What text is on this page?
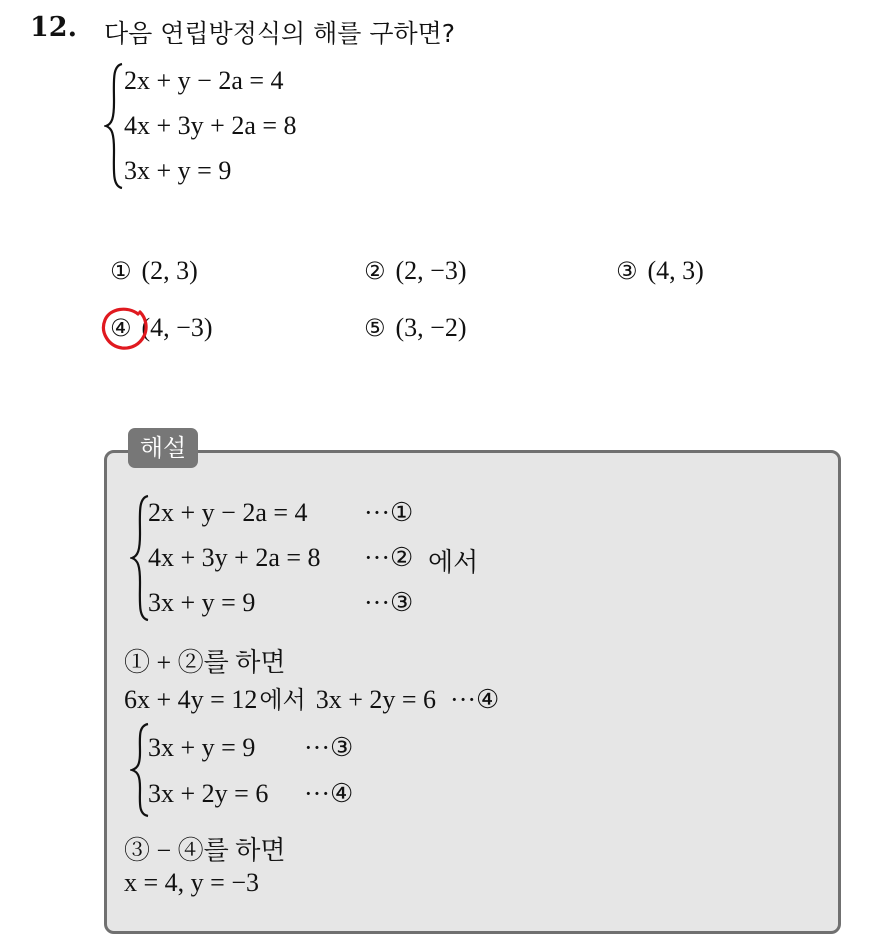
12. 다음 연립방정식의 해를 구하면?
2x + y − 2a = 4
4x + 3y + 2a = 8
3x + y = 9
① (2, 3)	② (2, −3)	③ (4, 3)
④ (4, −3)	⑤ (3, −2)
해설
2x + y − 2a = 4 ···①
4x + 3y + 2a = 8 ···② 에서
3x + y = 9	···③
① + ②를 하면
6x + 4y = 12에서 3x + 2y = 6 ···④
3x + y = 9 ···③
3x + 2y = 6 ···④
③ − ④를 하면
x = 4, y = −3
